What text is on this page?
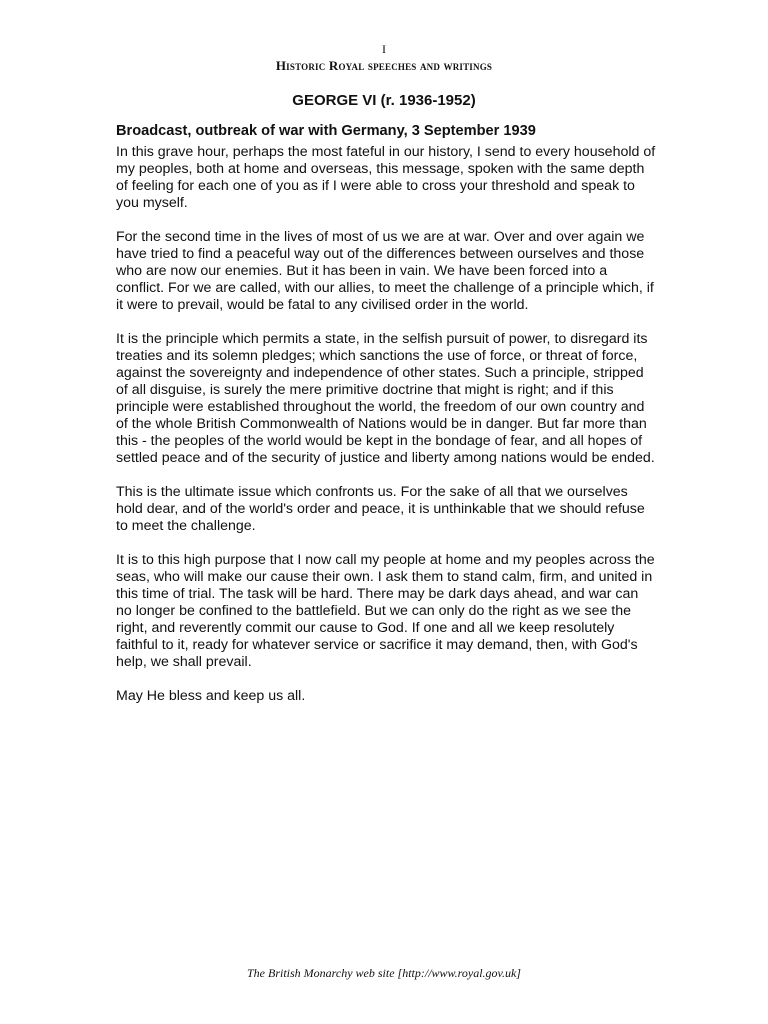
I
Historic Royal speeches and writings
GEORGE VI (r. 1936-1952)
Broadcast, outbreak of war with Germany, 3 September 1939

In this grave hour, perhaps the most fateful in our history, I send to every household of my peoples, both at home and overseas, this message, spoken with the same depth of feeling for each one of you as if I were able to cross your threshold and speak to you myself.

For the second time in the lives of most of us we are at war. Over and over again we have tried to find a peaceful way out of the differences between ourselves and those who are now our enemies. But it has been in vain. We have been forced into a conflict. For we are called, with our allies, to meet the challenge of a principle which, if it were to prevail, would be fatal to any civilised order in the world.

It is the principle which permits a state, in the selfish pursuit of power, to disregard its treaties and its solemn pledges; which sanctions the use of force, or threat of force, against the sovereignty and independence of other states. Such a principle, stripped of all disguise, is surely the mere primitive doctrine that might is right; and if this principle were established throughout the world, the freedom of our own country and of the whole British Commonwealth of Nations would be in danger. But far more than this - the peoples of the world would be kept in the bondage of fear, and all hopes of settled peace and of the security of justice and liberty among nations would be ended.

This is the ultimate issue which confronts us. For the sake of all that we ourselves hold dear, and of the world's order and peace, it is unthinkable that we should refuse to meet the challenge.

It is to this high purpose that I now call my people at home and my peoples across the seas, who will make our cause their own. I ask them to stand calm, firm, and united in this time of trial. The task will be hard. There may be dark days ahead, and war can no longer be confined to the battlefield. But we can only do the right as we see the right, and reverently commit our cause to God. If one and all we keep resolutely faithful to it, ready for whatever service or sacrifice it may demand, then, with God's help, we shall prevail.

May He bless and keep us all.

The British Monarchy web site [http://www.royal.gov.uk]
